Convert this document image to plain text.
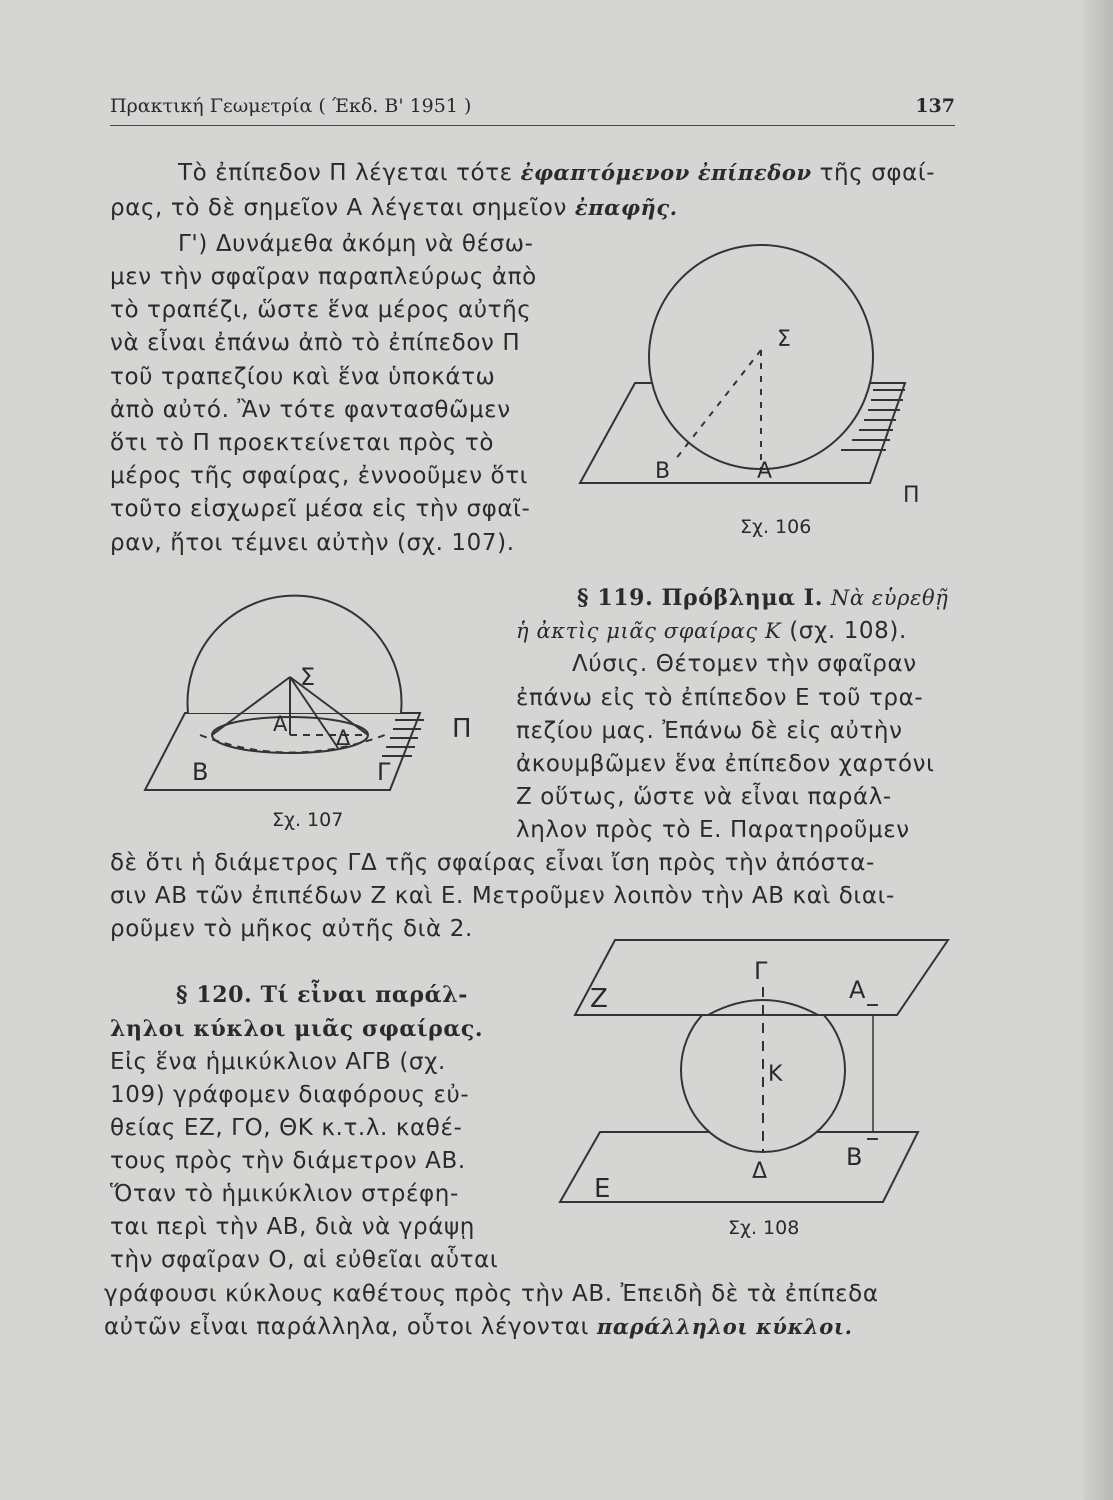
Πρακτική Γεωμετρία ( Έκδ. Β' 1951 )	137
Τὸ ἐπίπεδον Π λέγεται τότε ἐφαπτόμενον ἐπίπεδον τῆς σφαί-
ρας, τὸ δὲ σημεῖον Α λέγεται σημεῖον ἐπαφῆς.
Γ') Δυνάμεθα ἀκόμη νὰ θέσω-
μεν τὴν σφαῖραν παραπλεύρως ἀπὸ
τὸ τραπέζι, ὥστε ἕνα μέρος αὐτῆς
νὰ εἶναι ἐπάνω ἀπὸ τὸ ἐπίπεδον Π
τοῦ τραπεζίου καὶ ἕνα ὑποκάτω
ἀπὸ αὐτό. Ἂν τότε φαντασθῶμεν
ὅτι τὸ Π προεκτείνεται πρὸς τὸ
μέρος τῆς σφαίρας, ἐννοοῦμεν ὅτι
τοῦτο εἰσχωρεῖ μέσα εἰς τὴν σφαῖ-
ραν, ἤτοι τέμνει αὐτὴν (σχ. 107).
Σ
Β	Α
Π
Σχ. 106
§ 119. Πρόβλημα Ι. Νὰ εὑρεθῇ
ἡ ἀκτὶς μιᾶς σφαίρας Κ (σχ. 108).
Λύσις. Θέτομεν τὴν σφαῖραν
ἐπάνω εἰς τὸ ἐπίπεδον Ε τοῦ τρα-
πεζίου μας. Ἐπάνω δὲ εἰς αὐτὴν
ἀκουμβῶμεν ἕνα ἐπίπεδον χαρτόνι
Ζ οὕτως, ὥστε νὰ εἶναι παράλ-
ληλον πρὸς τὸ Ε. Παρατηροῦμεν
δὲ ὅτι ἡ διάμετρος ΓΔ τῆς σφαίρας εἶναι ἴση πρὸς τὴν ἀπόστα-
σιν ΑΒ τῶν ἐπιπέδων Ζ καὶ Ε. Μετροῦμεν λοιπὸν τὴν ΑΒ καὶ διαι-
ροῦμεν τὸ μῆκος αὐτῆς διὰ 2.
Σ
Α
Δ
Β	Γ
Π
Σχ. 107
§ 120. Τί εἶναι παράλ-
ληλοι κύκλοι μιᾶς σφαίρας.
Εἰς ἕνα ἡμικύκλιον ΑΓΒ (σχ.
109) γράφομεν διαφόρους εὐ-
θείας ΕΖ, ΓΟ, ΘΚ κ.τ.λ. καθέ-
τους πρὸς τὴν διάμετρον ΑΒ.
Ὅταν τὸ ἡμικύκλιον στρέφη-
ται περὶ τὴν ΑΒ, διὰ νὰ γράψῃ
τὴν σφαῖραν Ο, αἱ εὐθεῖαι αὗται
γράφουσι κύκλους καθέτους πρὸς τὴν ΑΒ. Ἐπειδὴ δὲ τὰ ἐπίπεδα
αὐτῶν εἶναι παράλληλα, οὗτοι λέγονται παράλληλοι κύκλοι.
Γ
Α
Ζ
Κ
Β
Δ
Ε
Σχ. 108
